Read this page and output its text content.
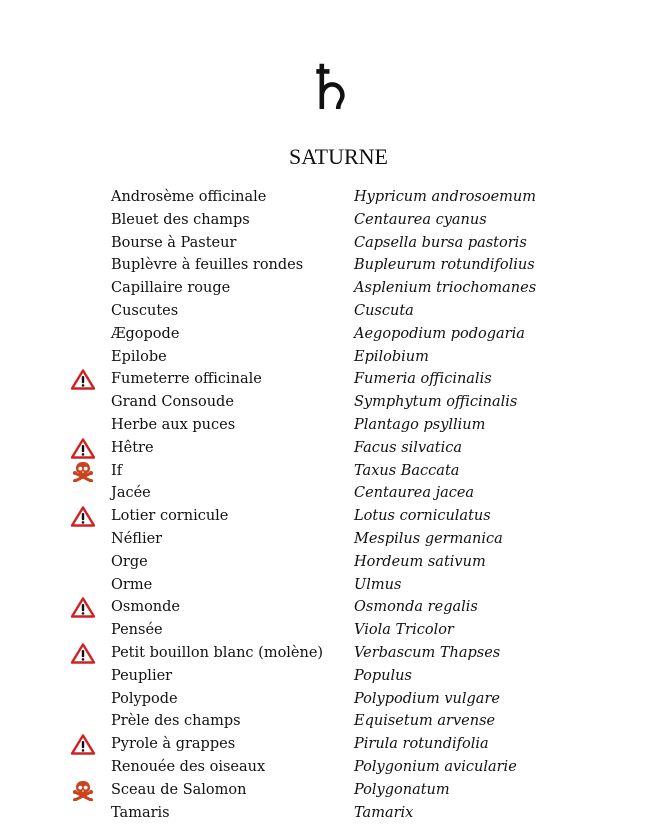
♄
SATURNE
Androsème officinale	Hypricum androsoemum
Bleuet des champs	Centaurea cyanus
Bourse à Pasteur	Capsella bursa pastoris
Buplèvre à feuilles rondes	Bupleurum rotundifolius
Capillaire rouge	Asplenium triochomanes
Cuscutes	Cuscuta
Ægopode	Aegopodium podogaria
Epilobe	Epilobium
Fumeterre officinale	Fumeria officinalis
Grand Consoude	Symphytum officinalis
Herbe aux puces	Plantago psyllium
Hêtre	Facus silvatica
If	Taxus Baccata
Jacée	Centaurea jacea
Lotier cornicule	Lotus corniculatus
Néflier	Mespilus germanica
Orge	Hordeum sativum
Orme	Ulmus
Osmonde	Osmonda regalis
Pensée	Viola Tricolor
Petit bouillon blanc (molène) Verbascum Thapses
Peuplier	Populus
Polypode	Polypodium vulgare
Prèle des champs	Equisetum arvense
Pyrole à grappes	Pirula rotundifolia
Renouée des oiseaux	Polygonium avicularie
Sceau de Salomon	Polygonatum
Tamaris	Tamarix
